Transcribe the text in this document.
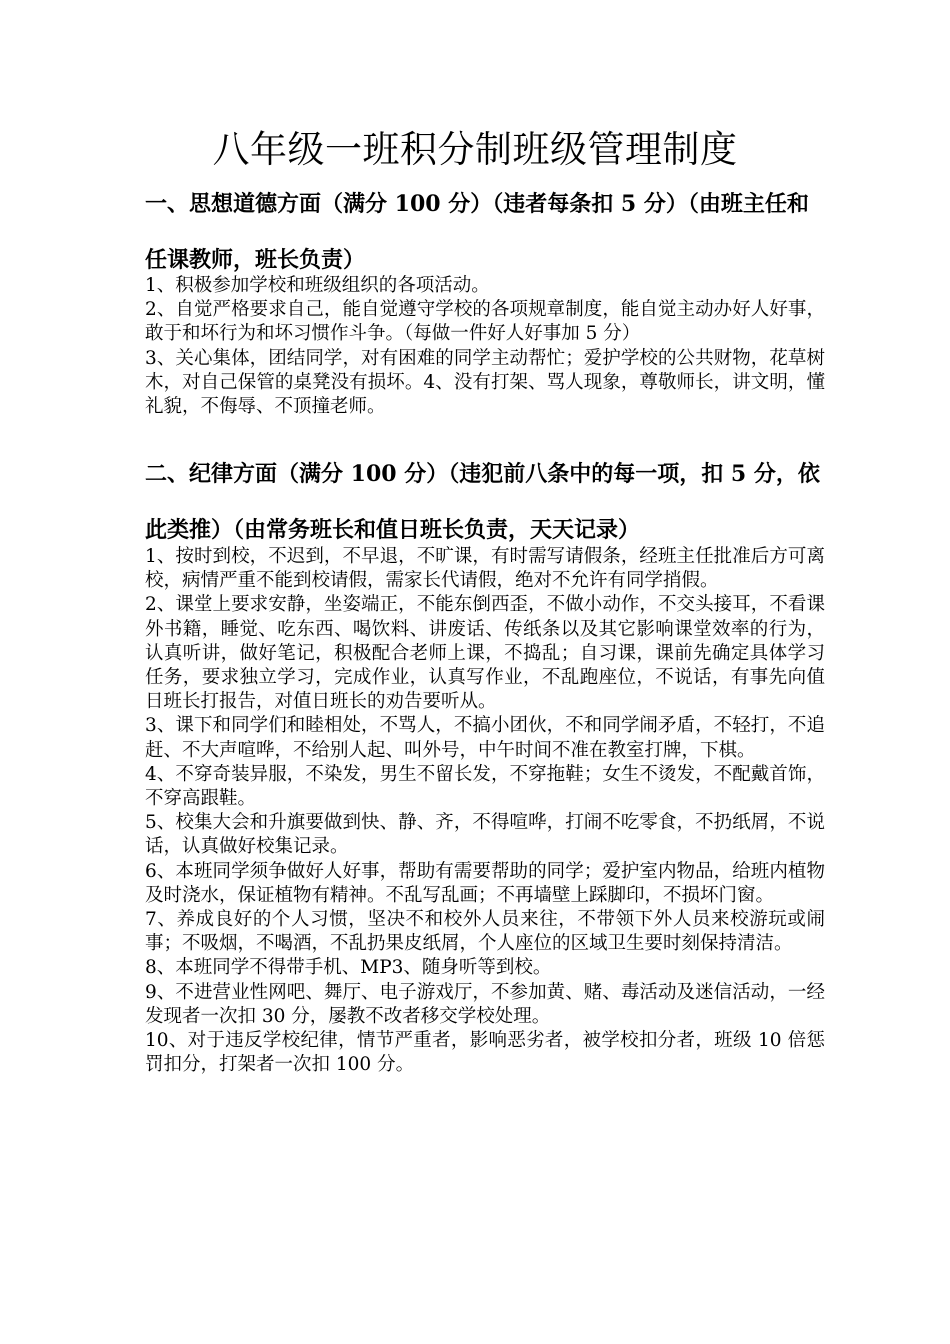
八年级一班积分制班级管理制度
一、思想道德方面（满分 100 分）（违者每条扣 5 分）（由班主任和任课教师，班长负责）
1、积极参加学校和班级组织的各项活动。
2、自觉严格要求自己，能自觉遵守学校的各项规章制度，能自觉主动办好人好事，敢于和坏行为和坏习惯作斗争。（每做一件好人好事加 5 分）
3、关心集体，团结同学，对有困难的同学主动帮忙；爱护学校的公共财物，花草树木，对自己保管的桌凳没有损坏。4、没有打架、骂人现象，尊敬师长，讲文明，懂礼貌，不侮辱、不顶撞老师。
二、纪律方面（满分 100 分）（违犯前八条中的每一项，扣 5 分，依此类推）（由常务班长和值日班长负责，天天记录）
1、按时到校，不迟到，不早退，不旷课，有时需写请假条，经班主任批准后方可离校，病情严重不能到校请假，需家长代请假，绝对不允许有同学捎假。
2、课堂上要求安静，坐姿端正，不能东倒西歪，不做小动作，不交头接耳，不看课外书籍，睡觉、吃东西、喝饮料、讲废话、传纸条以及其它影响课堂效率的行为，认真听讲，做好笔记，积极配合老师上课，不捣乱；自习课，课前先确定具体学习任务，要求独立学习，完成作业，认真写作业，不乱跑座位，不说话，有事先向值日班长打报告，对值日班长的劝告要听从。
3、课下和同学们和睦相处，不骂人，不搞小团伙，不和同学闹矛盾，不轻打，不追赶、不大声喧哗，不给别人起、叫外号，中午时间不准在教室打牌，下棋。
4、不穿奇装异服，不染发，男生不留长发，不穿拖鞋；女生不烫发，不配戴首饰，不穿高跟鞋。
5、校集大会和升旗要做到快、静、齐，不得喧哗，打闹不吃零食，不扔纸屑，不说话，认真做好校集记录。
6、本班同学须争做好人好事，帮助有需要帮助的同学；爱护室内物品，给班内植物及时浇水，保证植物有精神。不乱写乱画；不再墙壁上踩脚印，不损坏门窗。
7、养成良好的个人习惯，坚决不和校外人员来往，不带领下外人员来校游玩或闹事；不吸烟，不喝酒，不乱扔果皮纸屑，个人座位的区域卫生要时刻保持清洁。
8、本班同学不得带手机、MP3、随身听等到校。
9、不进营业性网吧、舞厅、电子游戏厅，不参加黄、赌、毒活动及迷信活动，一经发现者一次扣 30 分，屡教不改者移交学校处理。
10、对于违反学校纪律，情节严重者，影响恶劣者，被学校扣分者，班级 10 倍惩罚扣分，打架者一次扣 100 分。
